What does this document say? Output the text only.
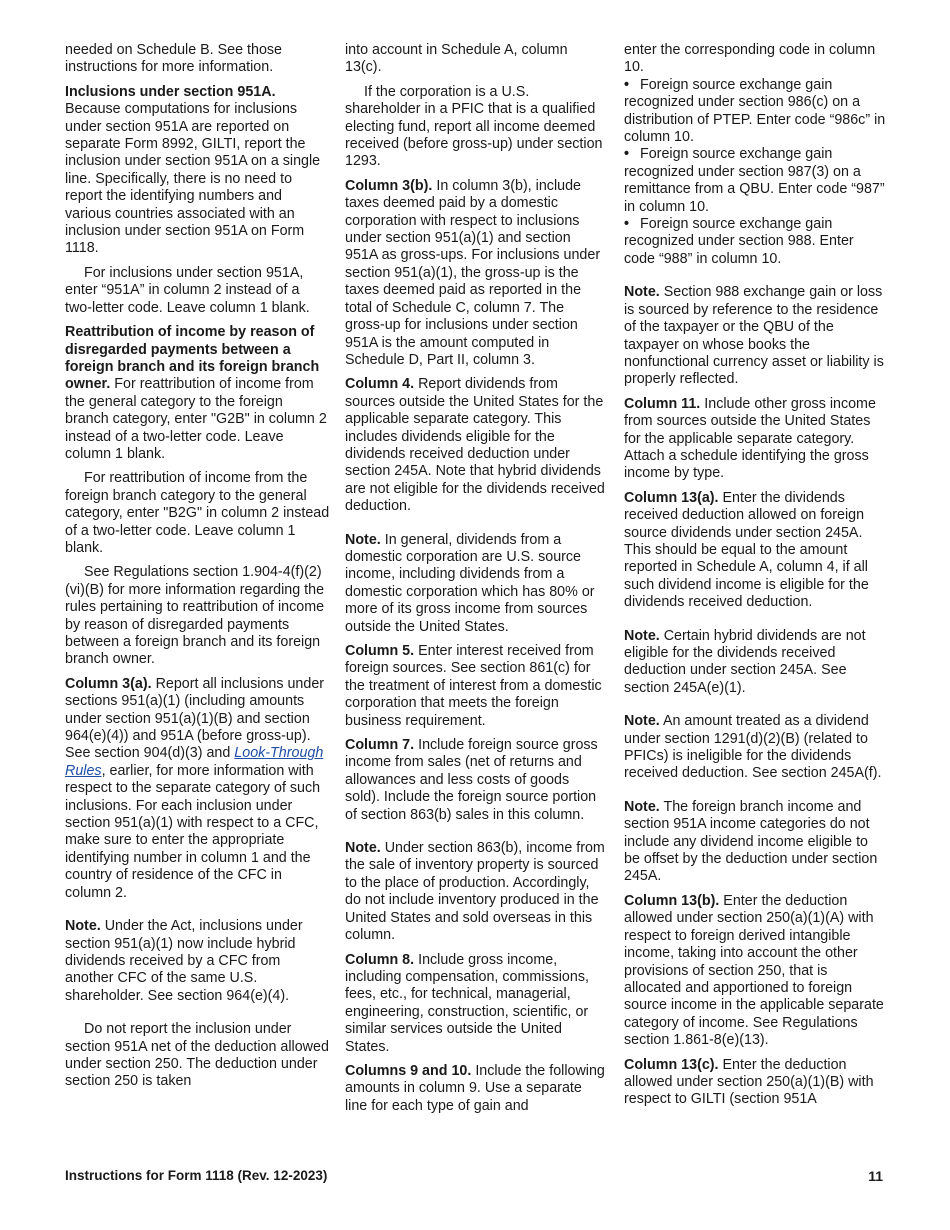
needed on Schedule B. See those instructions for more information.

Inclusions under section 951A. Because computations for inclusions under section 951A are reported on separate Form 8992, GILTI, report the inclusion under section 951A on a single line. Specifically, there is no need to report the identifying numbers and various countries associated with an inclusion under section 951A on Form 1118.

For inclusions under section 951A, enter “951A” in column 2 instead of a two-letter code. Leave column 1 blank.

Reattribution of income by reason of disregarded payments between a foreign branch and its foreign branch owner. For reattribution of income from the general category to the foreign branch category, enter "G2B" in column 2 instead of a two-letter code. Leave column 1 blank.

For reattribution of income from the foreign branch category to the general category, enter "B2G" in column 2 instead of a two-letter code. Leave column 1 blank.

See Regulations section 1.904-4(f)(2)(vi)(B) for more information regarding the rules pertaining to reattribution of income by reason of disregarded payments between a foreign branch and its foreign branch owner.

Column 3(a). Report all inclusions under sections 951(a)(1) (including amounts under section 951(a)(1)(B) and section 964(e)(4)) and 951A (before gross-up). See section 904(d)(3) and Look-Through Rules, earlier, for more information with respect to the separate category of such inclusions. For each inclusion under section 951(a)(1) with respect to a CFC, make sure to enter the appropriate identifying number in column 1 and the country of residence of the CFC in column 2.

Note. Under the Act, inclusions under section 951(a)(1) now include hybrid dividends received by a CFC from another CFC of the same U.S. shareholder. See section 964(e)(4).

Do not report the inclusion under section 951A net of the deduction allowed under section 250. The deduction under section 250 is taken

into account in Schedule A, column 13(c).

If the corporation is a U.S. shareholder in a PFIC that is a qualified electing fund, report all income deemed received (before gross-up) under section 1293.

Column 3(b). In column 3(b), include taxes deemed paid by a domestic corporation with respect to inclusions under section 951(a)(1) and section 951A as gross-ups. For inclusions under section 951(a)(1), the gross-up is the taxes deemed paid as reported in the total of Schedule C, column 7. The gross-up for inclusions under section 951A is the amount computed in Schedule D, Part II, column 3.

Column 4. Report dividends from sources outside the United States for the applicable separate category. This includes dividends eligible for the dividends received deduction under section 245A. Note that hybrid dividends are not eligible for the dividends received deduction.

Note. In general, dividends from a domestic corporation are U.S. source income, including dividends from a domestic corporation which has 80% or more of its gross income from sources outside the United States.

Column 5. Enter interest received from foreign sources. See section 861(c) for the treatment of interest from a domestic corporation that meets the foreign business requirement.

Column 7. Include foreign source gross income from sales (net of returns and allowances and less costs of goods sold). Include the foreign source portion of section 863(b) sales in this column.

Note. Under section 863(b), income from the sale of inventory property is sourced to the place of production. Accordingly, do not include inventory produced in the United States and sold overseas in this column.

Column 8. Include gross income, including compensation, commissions, fees, etc., for technical, managerial, engineering, construction, scientific, or similar services outside the United States.

Columns 9 and 10. Include the following amounts in column 9. Use a separate line for each type of gain and

enter the corresponding code in column 10.

• Foreign source exchange gain recognized under section 986(c) on a distribution of PTEP. Enter code “986c” in column 10.

• Foreign source exchange gain recognized under section 987(3) on a remittance from a QBU. Enter code “987” in column 10.

• Foreign source exchange gain recognized under section 988. Enter code “988” in column 10.

Note. Section 988 exchange gain or loss is sourced by reference to the residence of the taxpayer or the QBU of the taxpayer on whose books the nonfunctional currency asset or liability is properly reflected.

Column 11. Include other gross income from sources outside the United States for the applicable separate category. Attach a schedule identifying the gross income by type.

Column 13(a). Enter the dividends received deduction allowed on foreign source dividends under section 245A. This should be equal to the amount reported in Schedule A, column 4, if all such dividend income is eligible for the dividends received deduction.

Note. Certain hybrid dividends are not eligible for the dividends received deduction under section 245A. See section 245A(e)(1).

Note. An amount treated as a dividend under section 1291(d)(2)(B) (related to PFICs) is ineligible for the dividends received deduction. See section 245A(f).

Note. The foreign branch income and section 951A income categories do not include any dividend income eligible to be offset by the deduction under section 245A.

Column 13(b). Enter the deduction allowed under section 250(a)(1)(A) with respect to foreign derived intangible income, taking into account the other provisions of section 250, that is allocated and apportioned to foreign source income in the applicable separate category of income. See Regulations section 1.861-8(e)(13).

Column 13(c). Enter the deduction allowed under section 250(a)(1)(B) with respect to GILTI (section 951A

Instructions for Form 1118 (Rev. 12-2023)	11
